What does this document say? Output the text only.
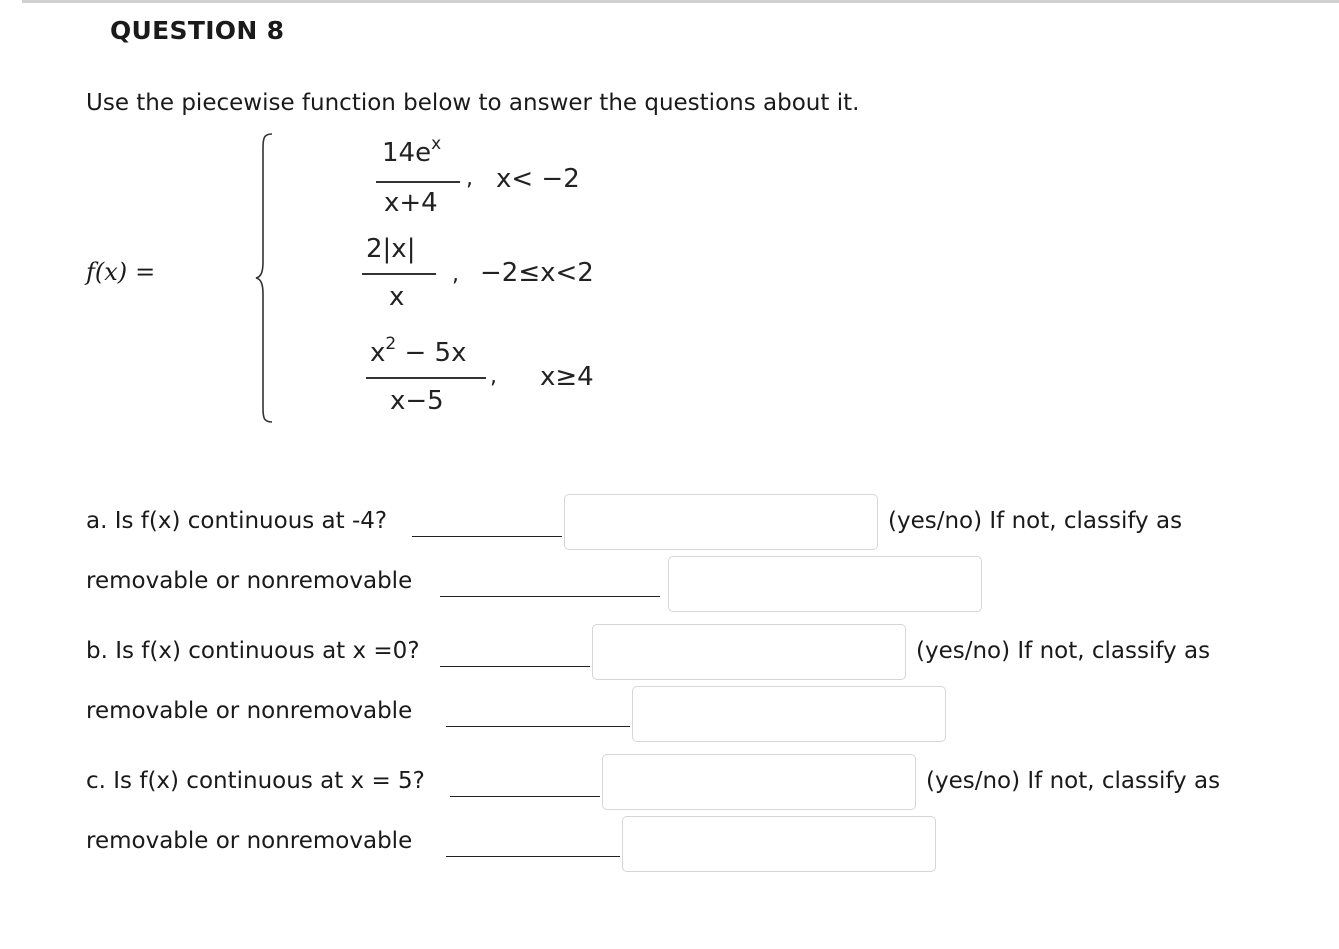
QUESTION 8
Use the piecewise function below to answer the questions about it.
f(x) =
$14e^x$
x+4
, x< −2
2|x|
x
, −2≤x<2
$x^2 - 5x$
x−5
, x≥4
a. Is f(x) continuous at -4?	(yes/no) If not, classify as
removable or nonremovable
b. Is f(x) continuous at x =0?	(yes/no) If not, classify as
removable or nonremovable
c. Is f(x) continuous at x = 5?	(yes/no) If not, classify as
removable or nonremovable
